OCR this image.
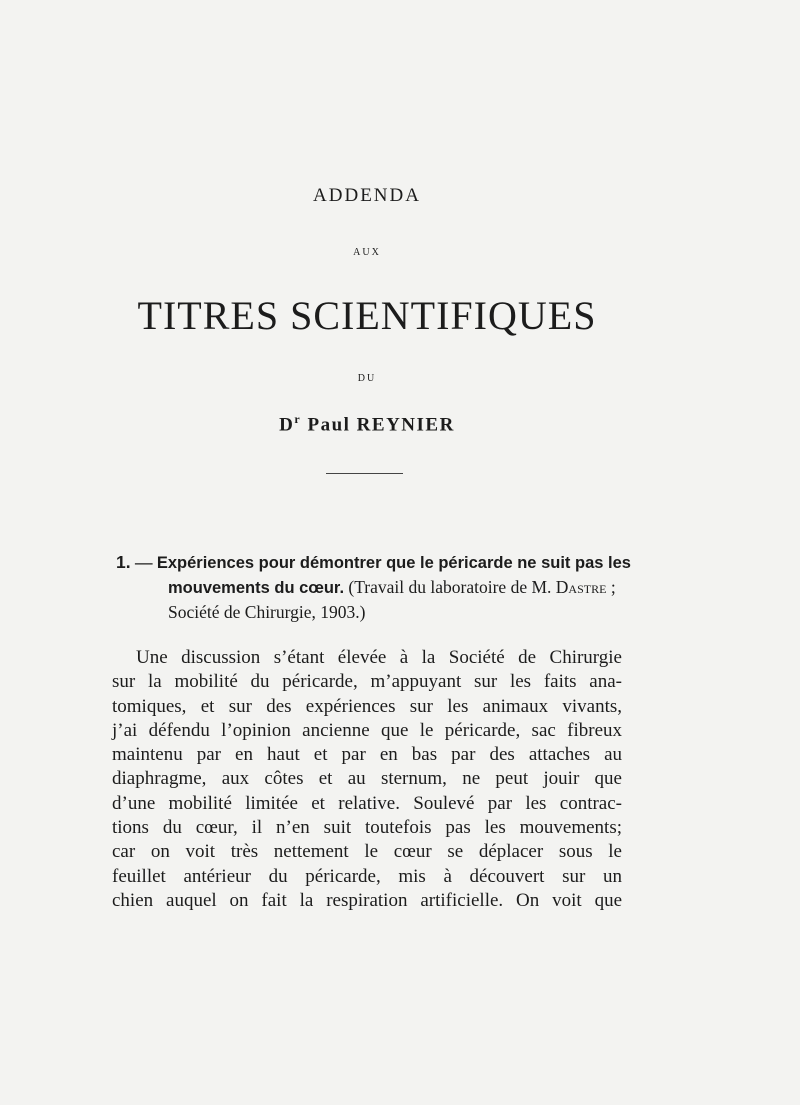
ADDENDA
AUX
TITRES SCIENTIFIQUES
DU
$D^r$ Paul REYNIER
1. — Expériences pour démontrer que le péricarde ne suit pas les mouvements du cœur. (Travail du laboratoire de M. Dastre ; Société de Chirurgie, 1903.)
Une discussion s’étant élevée à la Société de Chirurgie
sur la mobilité du péricarde, m’appuyant sur les faits ana-
tomiques, et sur des expériences sur les animaux vivants,
j’ai défendu l’opinion ancienne que le péricarde, sac fibreux
maintenu par en haut et par en bas par des attaches au
diaphragme, aux côtes et au sternum, ne peut jouir que
d’une mobilité limitée et relative. Soulevé par les contrac-
tions du cœur, il n’en suit toutefois pas les mouvements;
car on voit très nettement le cœur se déplacer sous le
feuillet antérieur du péricarde, mis à découvert sur un
chien auquel on fait la respiration artificielle. On voit que
